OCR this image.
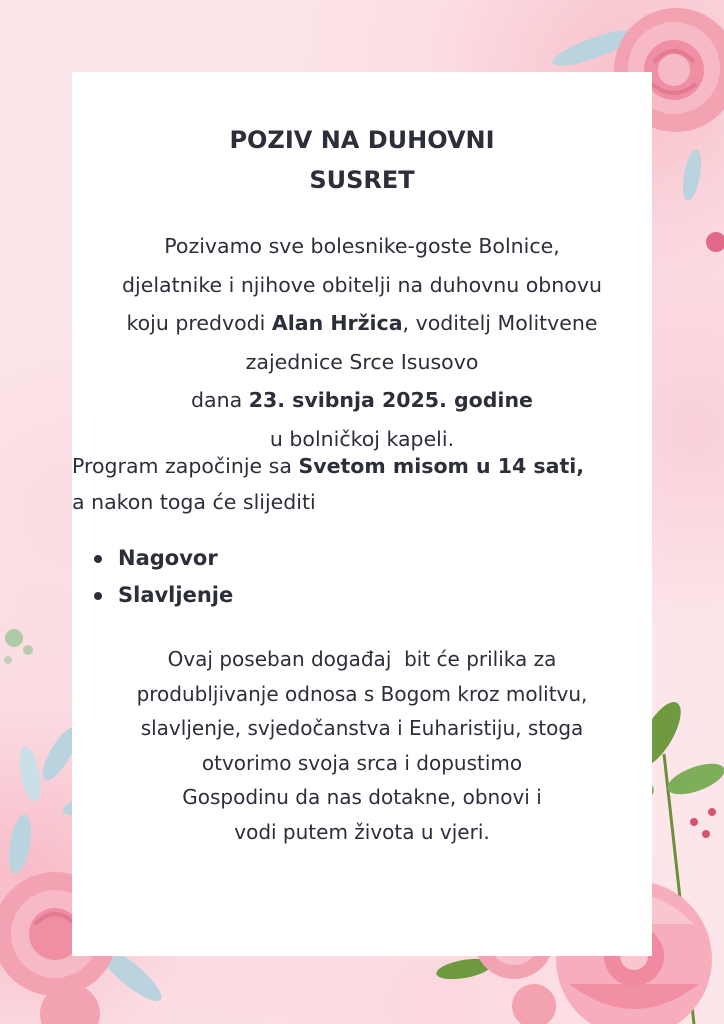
POZIV NA DUHOVNI
SUSRET
Pozivamo sve bolesnike-goste Bolnice,
djelatnike i njihove obitelji na duhovnu obnovu
koju predvodi Alan Hržica, voditelj Molitvene
zajednice Srce Isusovo
dana 23. svibnja 2025. godine
u bolničkoj kapeli.
Program započinje sa Svetom misom u 14 sati,
a nakon toga će slijediti
Nagovor
Slavljenje
Ovaj poseban događaj  bit će prilika za
produbljivanje odnosa s Bogom kroz molitvu,
slavljenje, svjedočanstva i Euharistiju, stoga
otvorimo svoja srca i dopustimo
Gospodinu da nas dotakne, obnovi i
vodi putem života u vjeri.
